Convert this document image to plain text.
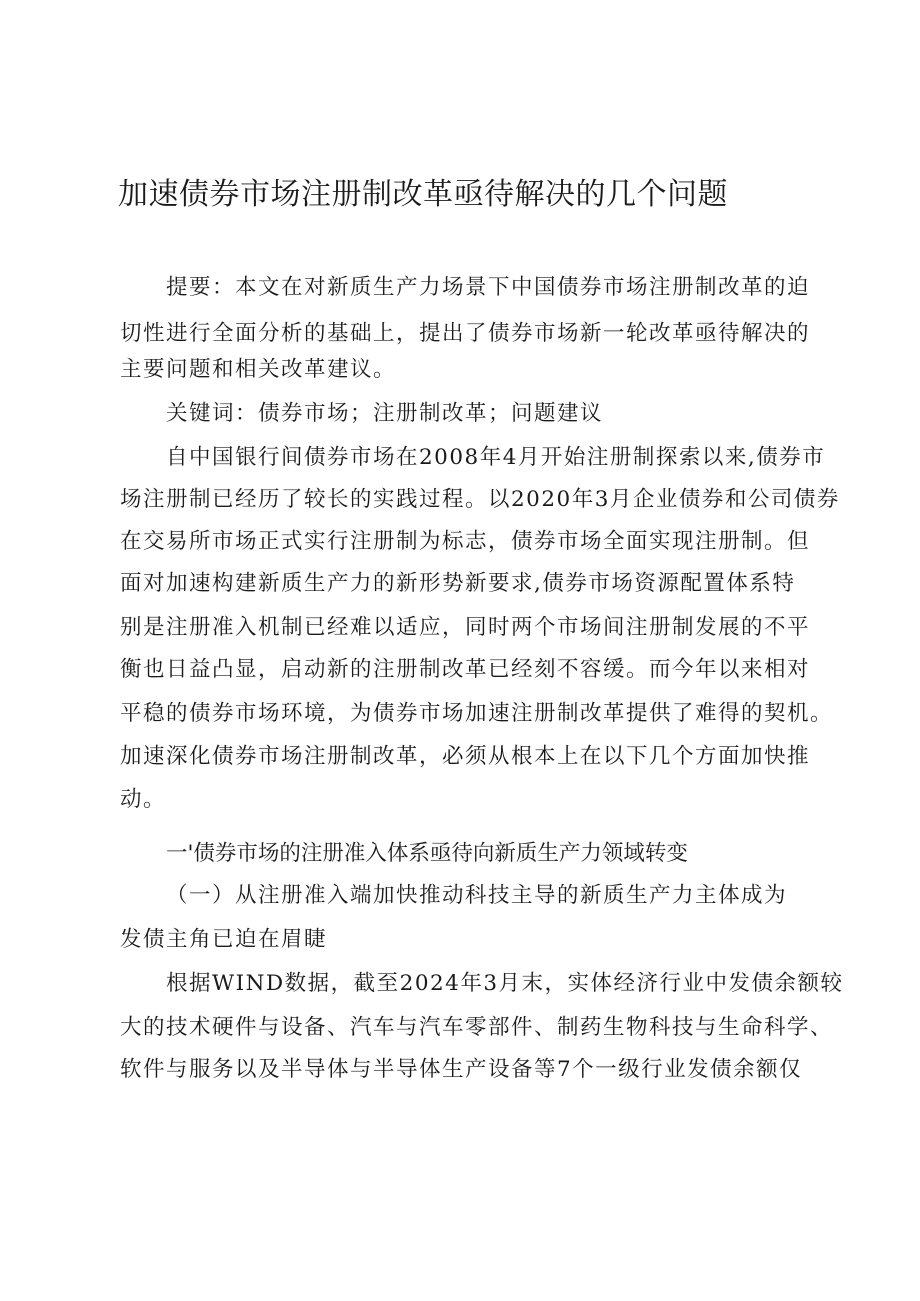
加速债券市场注册制改革亟待解决的几个问题

提要：本文在对新质生产力场景下中国债券市场注册制改革的迫

切性进行全面分析的基础上，提出了债券市场新一轮改革亟待解决的

主要问题和相关改革建议。

关键词：债券市场；注册制改革；问题建议

自中国银行间债券市场在2008年4月开始注册制探索以来,债券市

场注册制已经历了较长的实践过程。以2020年3月企业债券和公司债券

在交易所市场正式实行注册制为标志，债券市场全面实现注册制。但

面对加速构建新质生产力的新形势新要求,债券市场资源配置体系特

别是注册准入机制已经难以适应，同时两个市场间注册制发展的不平

衡也日益凸显，启动新的注册制改革已经刻不容缓。而今年以来相对

平稳的债券市场环境，为债券市场加速注册制改革提供了难得的契机。

加速深化债券市场注册制改革，必须从根本上在以下几个方面加快推

动。

一'债券市场的注册准入体系亟待向新质生产力领域转变

（一）从注册准入端加快推动科技主导的新质生产力主体成为

发债主角已迫在眉睫

根据WIND数据，截至2024年3月末，实体经济行业中发债余额较

大的技术硬件与设备、汽车与汽车零部件、制药生物科技与生命科学、

软件与服务以及半导体与半导体生产设备等7个一级行业发债余额仅
